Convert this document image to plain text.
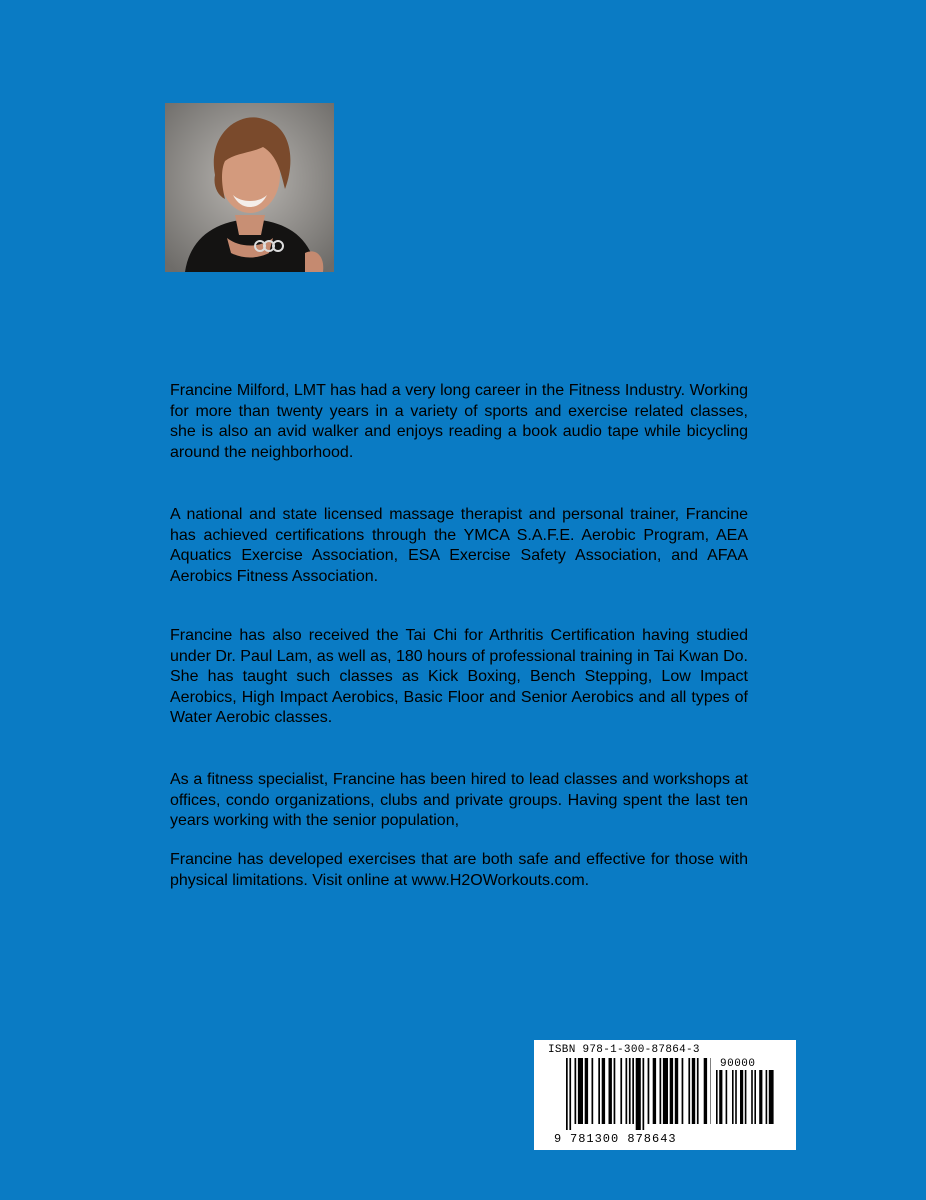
Francine Milford, LMT has had a very long career in the Fitness Industry. Working for more than twenty years in a variety of sports and exercise related classes, she is also an avid walker and enjoys reading a book audio tape while bicycling around the neighborhood.

A national and state licensed massage therapist and personal trainer, Francine has achieved certifications through the YMCA S.A.F.E. Aerobic Program, AEA Aquatics Exercise Association, ESA Exercise Safety Association, and AFAA Aerobics Fitness Association.

Francine has also received the Tai Chi for Arthritis Certification having studied under Dr. Paul Lam, as well as, 180 hours of professional training in Tai Kwan Do. She has taught such classes as Kick Boxing, Bench Stepping, Low Impact Aerobics, High Impact Aerobics, Basic Floor and Senior Aerobics and all types of Water Aerobic classes.

As a fitness specialist, Francine has been hired to lead classes and workshops at offices, condo organizations, clubs and private groups. Having spent the last ten years working with the senior population,

Francine has developed exercises that are both safe and effective for those with physical limitations. Visit online at www.H2OWorkouts.com.

ISBN 978-1-300-87864-3
90000
9 781300 878643
